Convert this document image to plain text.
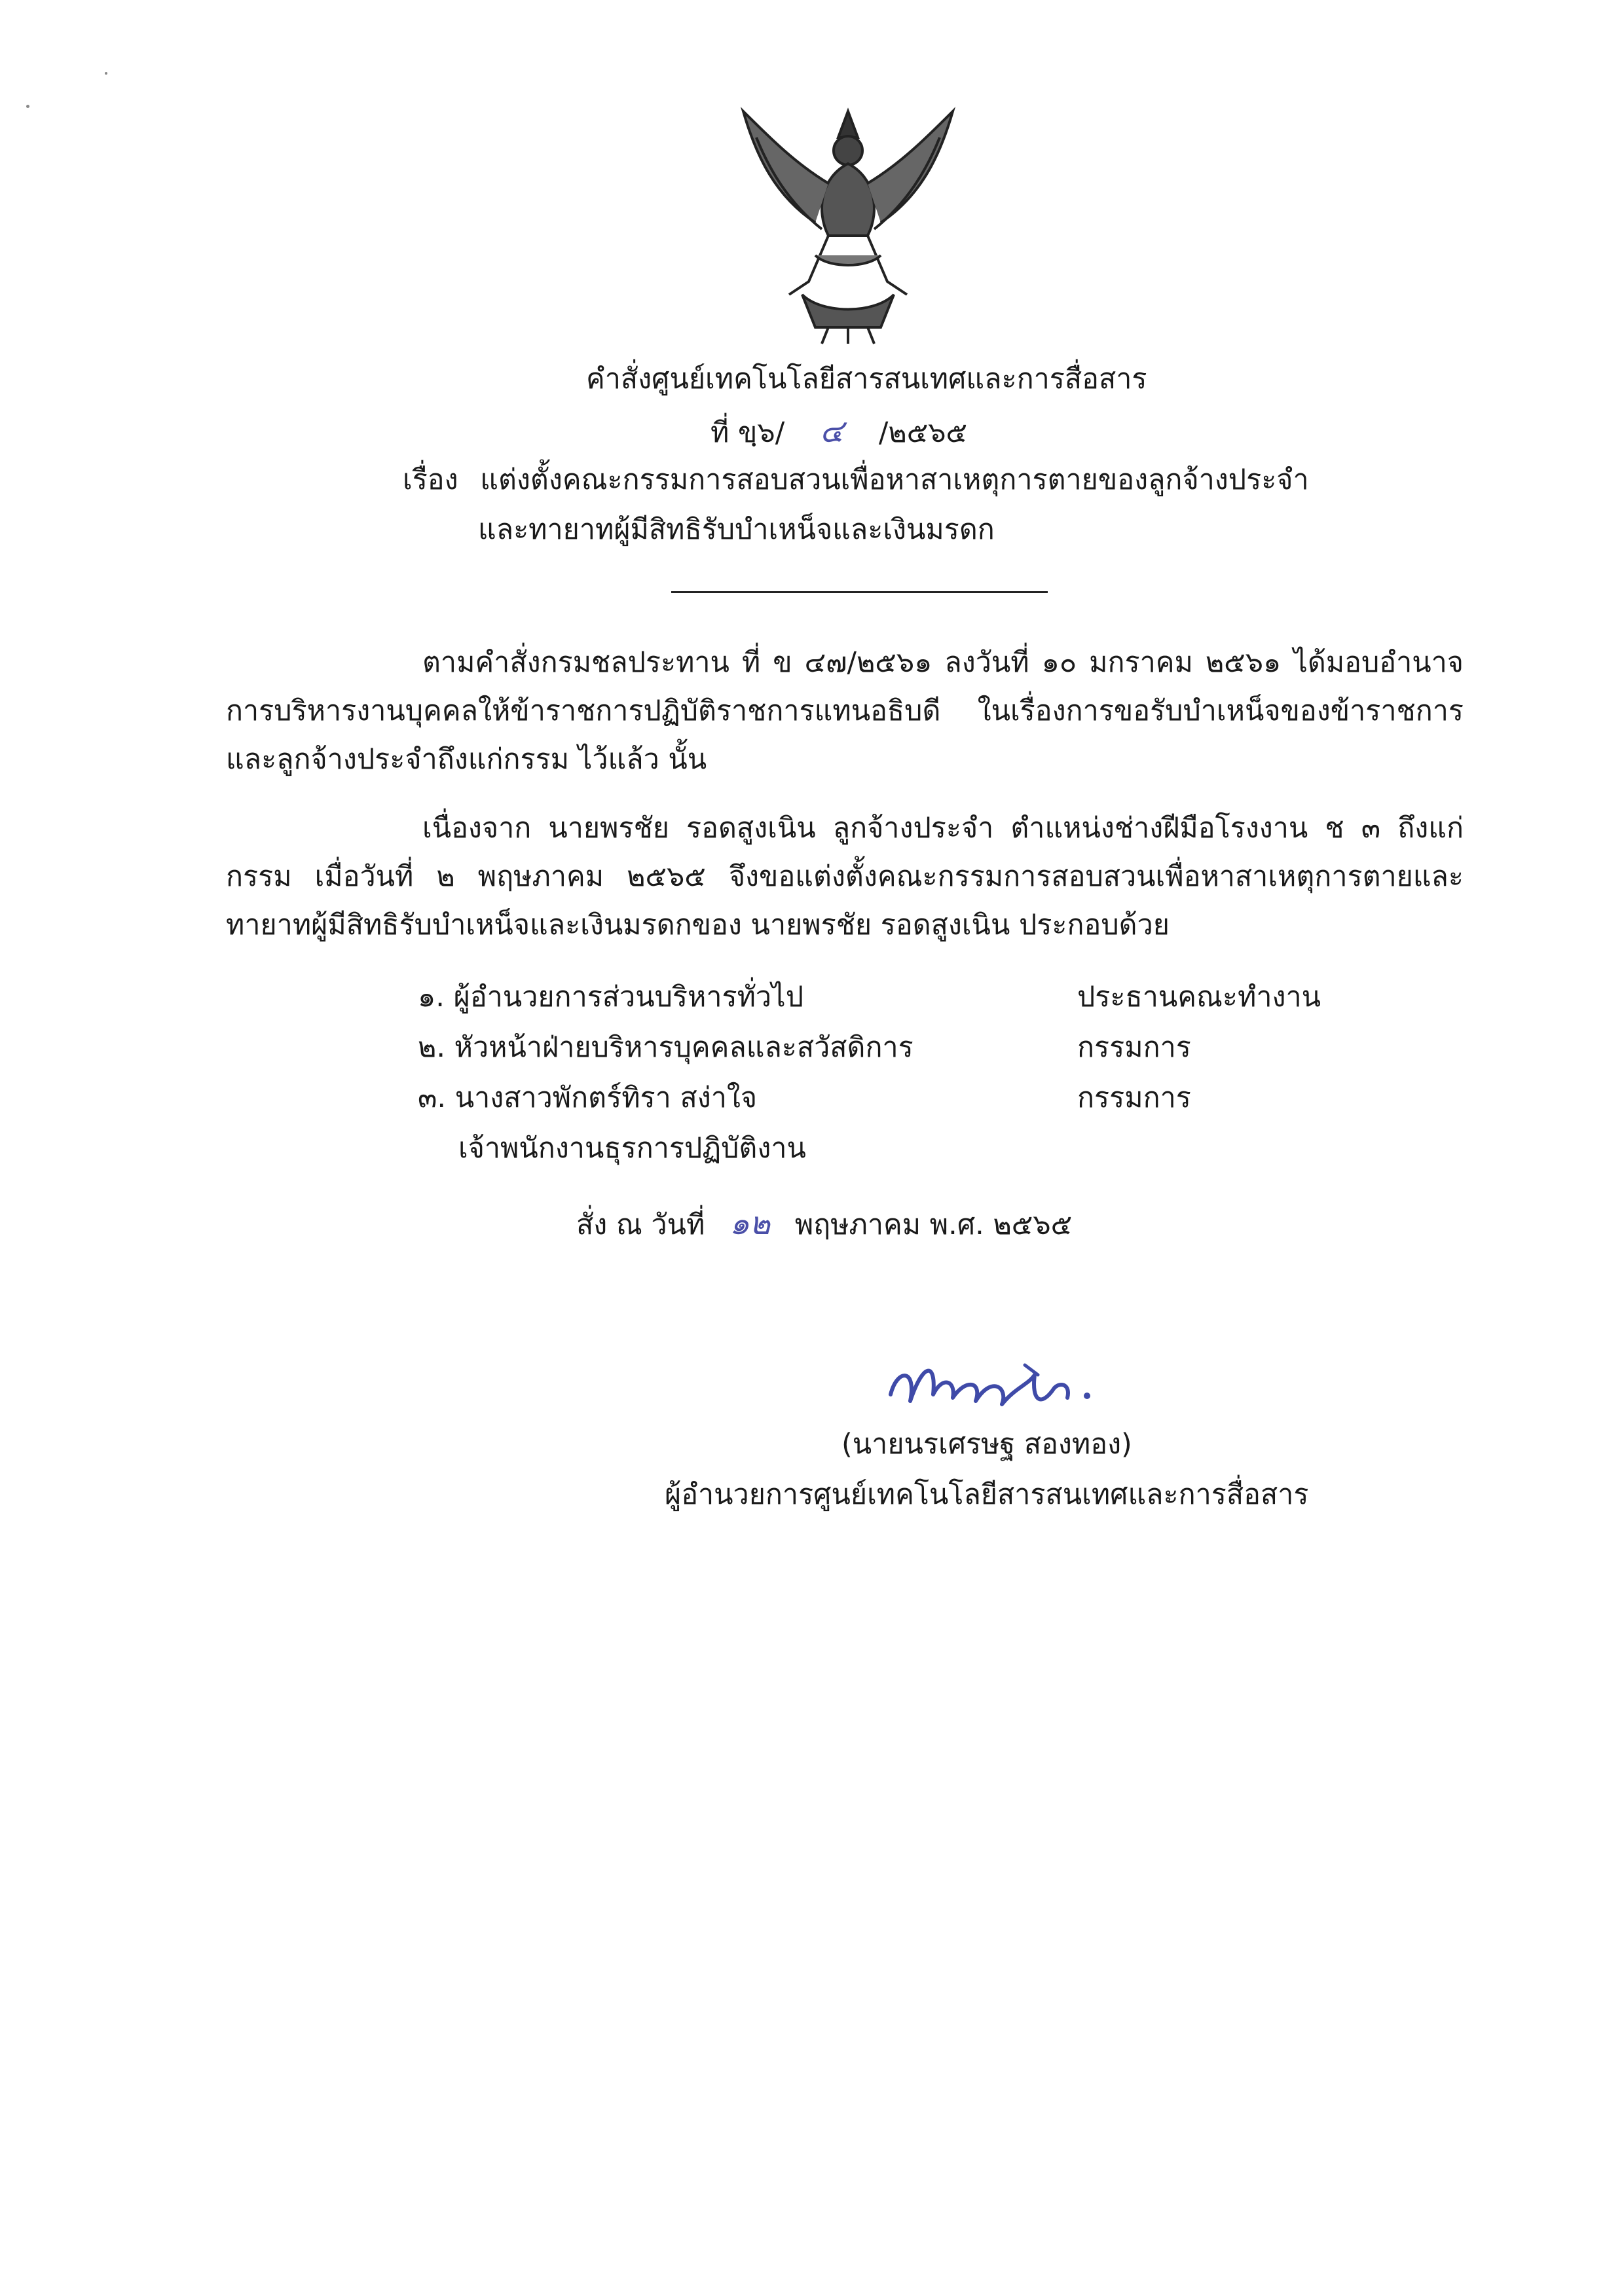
คำสั่งศูนย์เทคโนโลยีสารสนเทศและการสื่อสาร
ที่ ขฺ๖/ ๔ /๒๕๖๕
เรื่อง แต่งตั้งคณะกรรมการสอบสวนเพื่อหาสาเหตุการตายของลูกจ้างประจำ
และทายาทผู้มีสิทธิรับบำเหน็จและเงินมรดก
ตามคำสั่งกรมชลประทาน ที่ ข ๔๗/๒๕๖๑ ลงวันที่ ๑๐ มกราคม ๒๕๖๑ ได้มอบอำนาจการบริหารงานบุคคลให้ข้าราชการปฏิบัติราชการแทนอธิบดี ในเรื่องการขอรับบำเหน็จของข้าราชการและลูกจ้างประจำถึงแก่กรรม ไว้แล้ว นั้น
เนื่องจาก นายพรชัย รอดสูงเนิน ลูกจ้างประจำ ตำแหน่งช่างฝีมือโรงงาน ช ๓ ถึงแก่กรรม เมื่อวันที่ ๒ พฤษภาคม ๒๕๖๕ จึงขอแต่งตั้งคณะกรรมการสอบสวนเพื่อหาสาเหตุการตายและทายาทผู้มีสิทธิรับบำเหน็จและเงินมรดกของ นายพรชัย รอดสูงเนิน ประกอบด้วย
๑. ผู้อำนวยการส่วนบริหารทั่วไป	ประธานคณะทำงาน
๒. หัวหน้าฝ่ายบริหารบุคคลและสวัสดิการ	กรรมการ
๓. นางสาวพักตร์ทิรา สง่าใจ	กรรมการ
เจ้าพนักงานธุรการปฏิบัติงาน
สั่ง ณ วันที่ ๑๒ พฤษภาคม พ.ศ. ๒๕๖๕
(นายนรเศรษฐ สองทอง)
ผู้อำนวยการศูนย์เทคโนโลยีสารสนเทศและการสื่อสาร
